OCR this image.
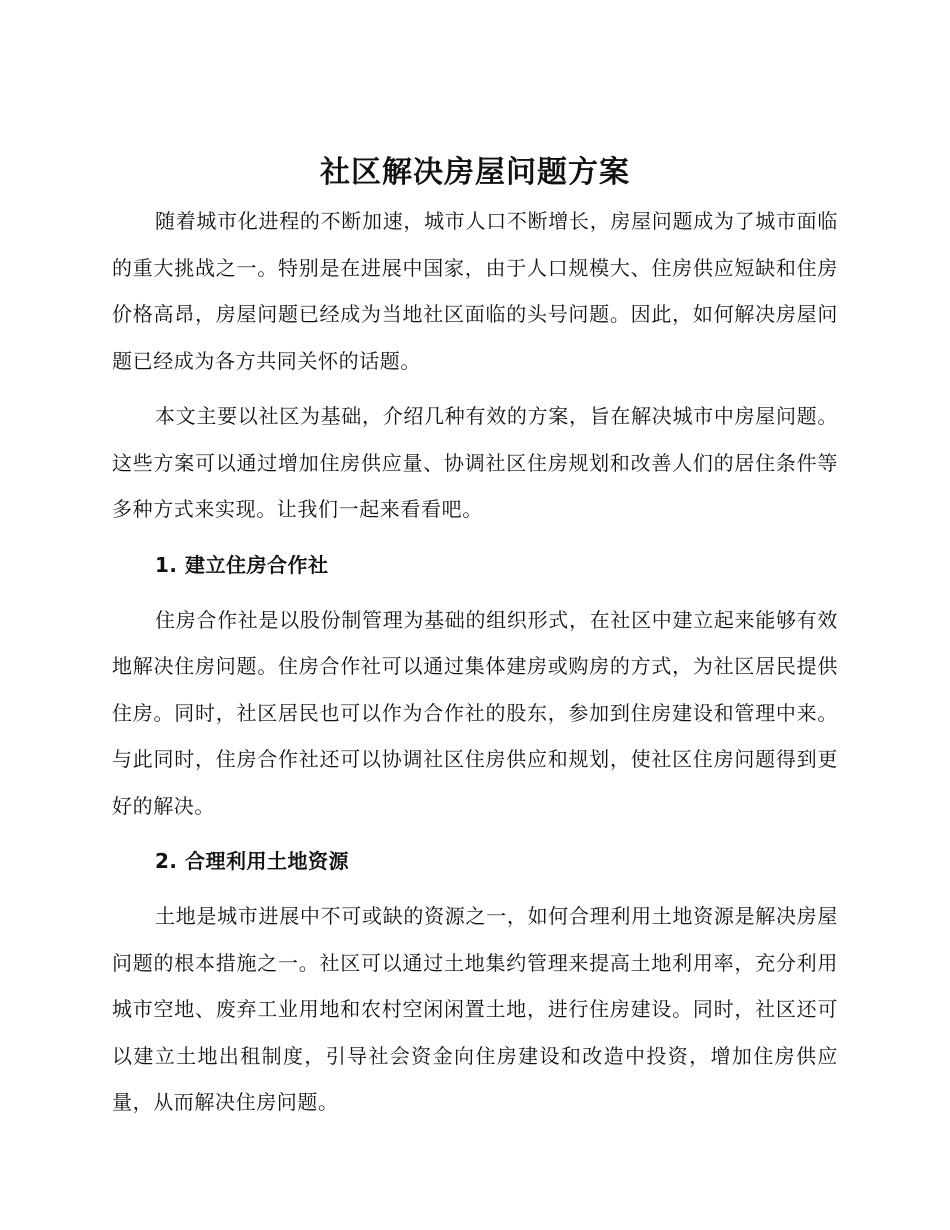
社区解决房屋问题方案

随着城市化进程的不断加速，城市人口不断增长，房屋问题成为了城市面临的重大挑战之一。特别是在进展中国家，由于人口规模大、住房供应短缺和住房价格高昂，房屋问题已经成为当地社区面临的头号问题。因此，如何解决房屋问题已经成为各方共同关怀的话题。

本文主要以社区为基础，介绍几种有效的方案，旨在解决城市中房屋问题。这些方案可以通过增加住房供应量、协调社区住房规划和改善人们的居住条件等多种方式来实现。让我们一起来看看吧。

1. 建立住房合作社

住房合作社是以股份制管理为基础的组织形式，在社区中建立起来能够有效地解决住房问题。住房合作社可以通过集体建房或购房的方式，为社区居民提供住房。同时，社区居民也可以作为合作社的股东，参加到住房建设和管理中来。与此同时，住房合作社还可以协调社区住房供应和规划，使社区住房问题得到更好的解决。

2. 合理利用土地资源

土地是城市进展中不可或缺的资源之一，如何合理利用土地资源是解决房屋问题的根本措施之一。社区可以通过土地集约管理来提高土地利用率，充分利用城市空地、废弃工业用地和农村空闲闲置土地，进行住房建设。同时，社区还可以建立土地出租制度，引导社会资金向住房建设和改造中投资，增加住房供应量，从而解决住房问题。
